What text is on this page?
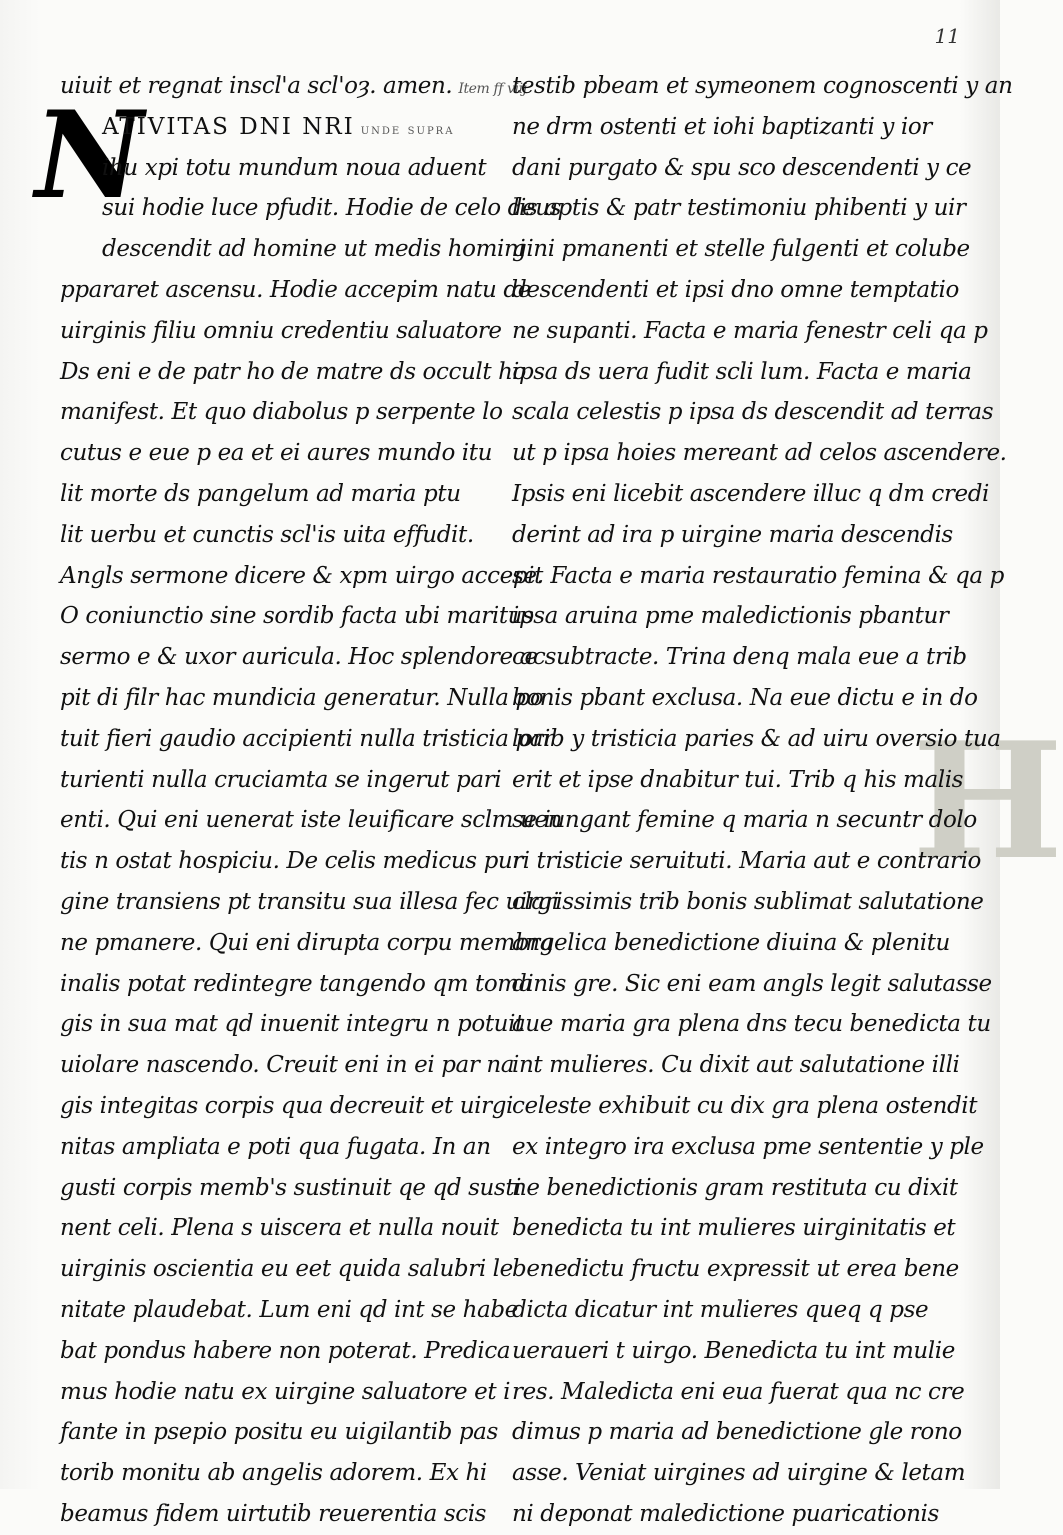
11
N
H
uiuit et regnat inscl'a scl'oȝ. amen. Item ff viij
ATIVITAS DNI NRI unde supra
ihu xpi totu mundum noua aduent
sui hodie luce pfudit. Hodie de celo deus
descendit ad homine ut medis homini
ppararet ascensu. Hodie accepim natu de
uirginis filiu omniu credentiu saluatore
Ds eni e de patr ho de matre ds occult ho
manifest. Et quo diabolus p serpente lo
cutus e eue p ea et ei aures mundo itu
lit morte ds pangelum ad maria ptu
lit uerbu et cunctis scl'is uita effudit.
Angls sermone dicere & xpm uirgo accepit
O coniunctio sine sordib facta ubi maritus
sermo e & uxor auricula. Hoc splendore ac
pit di filr hac mundicia generatur. Nulla po
tuit fieri gaudio accipienti nulla tristicia par
turienti nulla cruciamta se ingerut pari
enti. Qui eni uenerat iste leuificare sclm uen
tis n ostat hospiciu. De celis medicus pur
gine transiens pt transitu sua illesa fec uirgi
ne pmanere. Qui eni dirupta corpu membra
inalis potat redintegre tangendo qm toma
gis in sua mat qd inuenit integru n potuit
uiolare nascendo. Creuit eni in ei par na
gis integitas corpis qua decreuit et uirgi
nitas ampliata e poti qua fugata. In an
gusti corpis memb's sustinuit qe qd susti
nent celi. Plena s uiscera et nulla nouit
uirginis oscientia eu eet quida salubri le
nitate plaudebat. Lum eni qd int se habe
bat pondus habere non poterat. Predica
mus hodie natu ex uirgine saluatore et i
fante in psepio positu eu uigilantib pas
torib monitu ab angelis adorem. Ex hi
beamus fidem uirtutib reuerentia scis
testib pbeam et symeonem cognoscenti y an
ne drm ostenti et iohi baptizanti y ior
dani purgato & spu sco descendenti y ce
lis aptis & patr testimoniu phibenti y uir
gini pmanenti et stelle fulgenti et colube
descendenti et ipsi dno omne temptatio
ne supanti. Facta e maria fenestr celi qa p
ipsa ds uera fudit scli lum. Facta e maria
scala celestis p ipsa ds descendit ad terras
ut p ipsa hoies mereant ad celos ascendere.
Ipsis eni licebit ascendere illuc q dm credi
derint ad ira p uirgine maria descendis
se. Facta e maria restauratio femina & qa p
ipsa aruina pme maledictionis pbantur
ce subtracte. Trina denq mala eue a trib
bonis pbant exclusa. Na eue dictu e in do
lorib y tristicia paries & ad uiru oversio tua
erit et ipse dnabitur tui. Trib q his malis
se iungant femine q maria n secuntr dolo
ri tristicie seruituti. Maria aut e contrario
clarissimis trib bonis sublimat salutatione
angelica benedictione diuina & plenitu
dinis gre. Sic eni eam angls legit salutasse
aue maria gra plena dns tecu benedicta tu
int mulieres. Cu dixit aut salutatione illi
celeste exhibuit cu dix gra plena ostendit
ex integro ira exclusa pme sententie y ple
ne benedictionis gram restituta cu dixit
benedicta tu int mulieres uirginitatis et
benedictu fructu expressit ut erea bene
dicta dicatur int mulieres queq q pse
ueraueri t uirgo. Benedicta tu int mulie
res. Maledicta eni eua fuerat qua nc cre
dimus p maria ad benedictione gle rono
asse. Veniat uirgines ad uirgine & letam
ni deponat maledictione puaricationis
